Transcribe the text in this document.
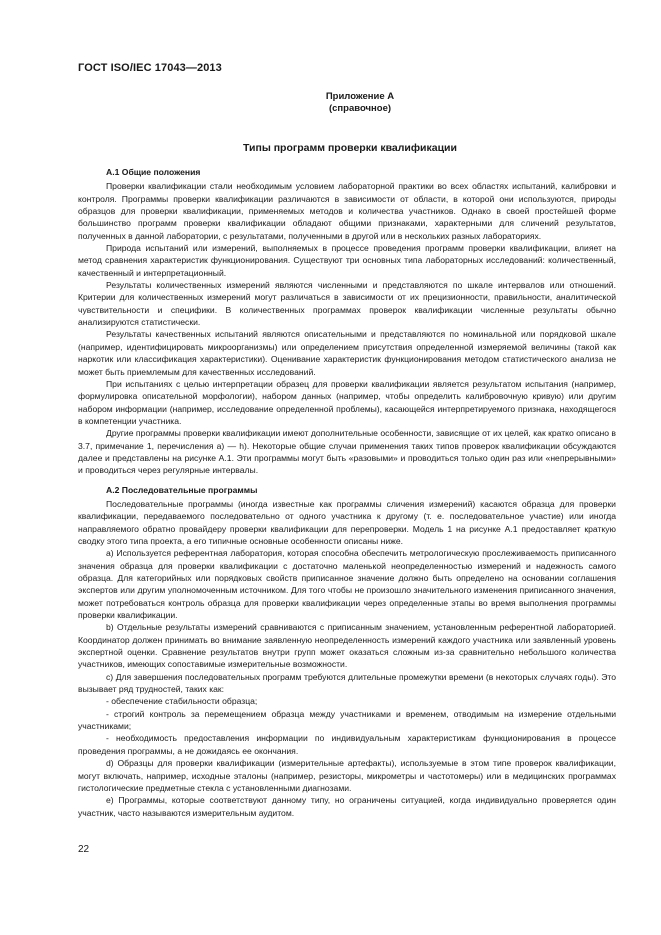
ГОСТ ISO/IEC 17043—2013
Приложение А
(справочное)
Типы программ проверки квалификации
А.1 Общие положения

Проверки квалификации стали необходимым условием лабораторной практики во всех областях испытаний, калибровки и контроля. Программы проверки квалификации различаются в зависимости от области, в которой они используются, природы образцов для проверки квалификации, применяемых методов и количества участников. Однако в своей простейшей форме большинство программ проверки квалификации обладают общими признаками, характерными для сличений результатов, полученных в данной лаборатории, с результатами, полученными в другой или в нескольких разных лабораториях.

Природа испытаний или измерений, выполняемых в процессе проведения программ проверки квалификации, влияет на метод сравнения характеристик функционирования. Существуют три основных типа лабораторных исследований: количественный, качественный и интерпретационный.

Результаты количественных измерений являются численными и представляются по шкале интервалов или отношений. Критерии для количественных измерений могут различаться в зависимости от их прецизионности, правильности, аналитической чувствительности и специфики. В количественных программах проверок квалификации численные результаты обычно анализируются статистически.

Результаты качественных испытаний являются описательными и представляются по номинальной или порядковой шкале (например, идентифицировать микроорганизмы) или определением присутствия определенной измеряемой величины (такой как наркотик или классификация характеристики). Оценивание характеристик функционирования методом статистического анализа не может быть приемлемым для качественных исследований.

При испытаниях с целью интерпретации образец для проверки квалификации является результатом испытания (например, формулировка описательной морфологии), набором данных (например, чтобы определить калибровочную кривую) или другим набором информации (например, исследование определенной проблемы), касающейся интерпретируемого признака, находящегося в компетенции участника.

Другие программы проверки квалификации имеют дополнительные особенности, зависящие от их целей, как кратко описано в 3.7, примечание 1, перечисления а) — h). Некоторые общие случаи применения таких типов проверок квалификации обсуждаются далее и представлены на рисунке А.1. Эти программы могут быть «разовыми» и проводиться только один раз или «непрерывными» и проводиться через регулярные интервалы.

А.2 Последовательные программы

Последовательные программы (иногда известные как программы сличения измерений) касаются образца для проверки квалификации, передаваемого последовательно от одного участника к другому (т. е. последовательное участие) или иногда направляемого обратно провайдеру проверки квалификации для перепроверки. Модель 1 на рисунке А.1 предоставляет краткую сводку этого типа проекта, а его типичные основные особенности описаны ниже.

a) Используется референтная лаборатория, которая способна обеспечить метрологическую прослеживаемость приписанного значения образца для проверки квалификации с достаточно маленькой неопределенностью измерений и надежность самого образца. Для категорийных или порядковых свойств приписанное значение должно быть определено на основании соглашения экспертов или другим уполномоченным источником. Для того чтобы не произошло значительного изменения приписанного значения, может потребоваться контроль образца для проверки квалификации через определенные этапы во время выполнения программы проверки квалификации.

b) Отдельные результаты измерений сравниваются с приписанным значением, установленным референтной лабораторией. Координатор должен принимать во внимание заявленную неопределенность измерений каждого участника или заявленный уровень экспертной оценки. Сравнение результатов внутри групп может оказаться сложным из-за сравнительно небольшого количества участников, имеющих сопоставимые измерительные возможности.

c) Для завершения последовательных программ требуются длительные промежутки времени (в некоторых случаях годы). Это вызывает ряд трудностей, таких как:

- обеспечение стабильности образца;

- строгий контроль за перемещением образца между участниками и временем, отводимым на измерение отдельными участниками;

- необходимость предоставления информации по индивидуальным характеристикам функционирования в процессе проведения программы, а не дожидаясь ее окончания.

d) Образцы для проверки квалификации (измерительные артефакты), используемые в этом типе проверок квалификации, могут включать, например, исходные эталоны (например, резисторы, микрометры и частотомеры) или в медицинских программах гистологические предметные стекла с установленными диагнозами.

e) Программы, которые соответствуют данному типу, но ограничены ситуацией, когда индивидуально проверяется один участник, часто называются измерительным аудитом.

22
